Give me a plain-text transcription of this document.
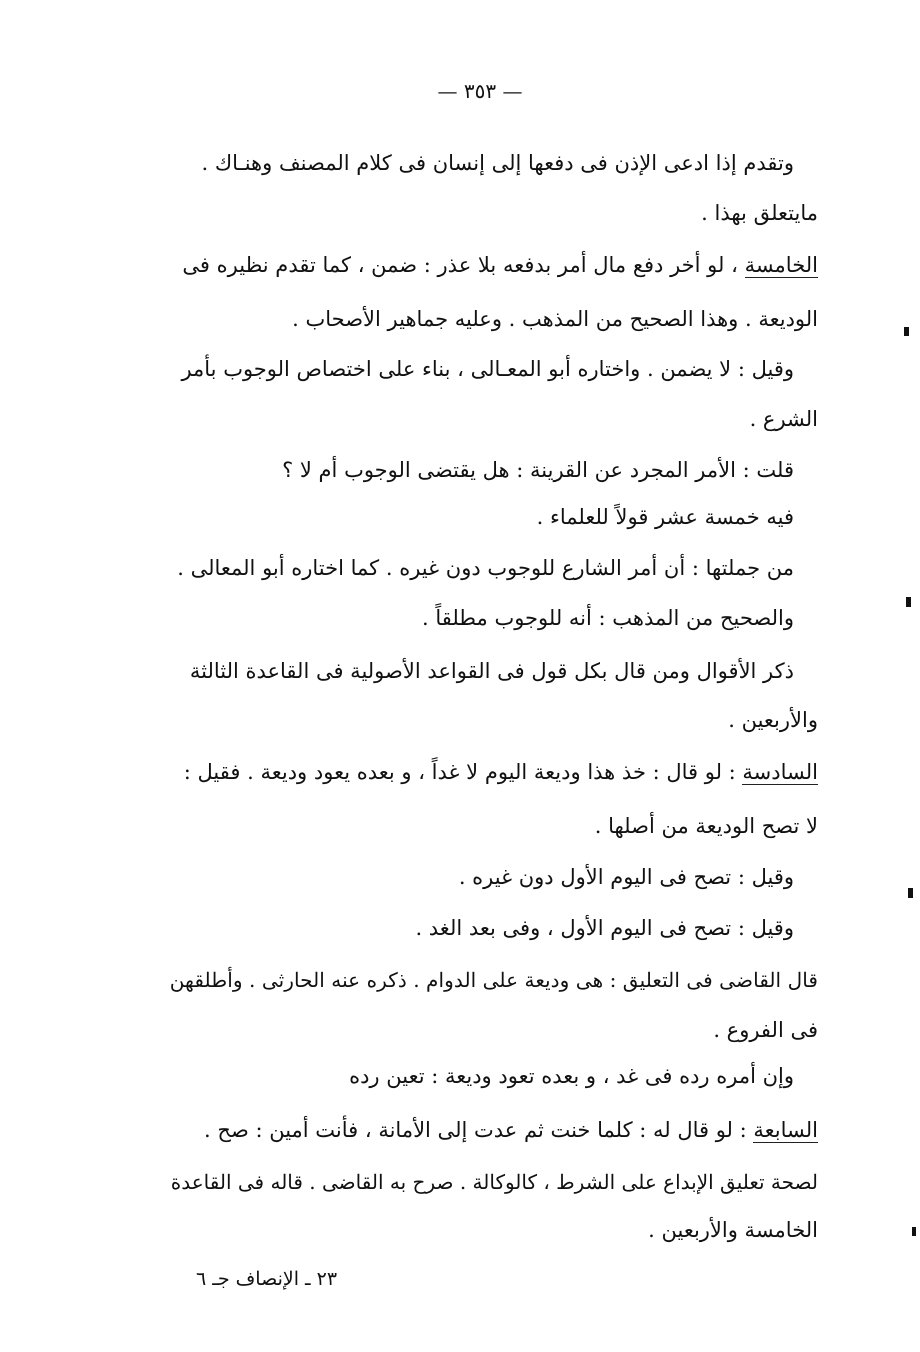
— ٣٥٣ —
وتقدم إذا ادعى الإذن فى دفعها إلى إنسان فى كلام المصنف وهنـاك .
مايتعلق بهذا .
الخامسة ، لو أخر دفع مال أمر بدفعه بلا عذر : ضمن ، كما تقدم نظيره فى
الوديعة . وهذا الصحيح من المذهب . وعليه جماهير الأصحاب .
وقيل : لا يضمن . واختاره أبو المعـالى ، بناء على اختصاص الوجوب بأمر
الشرع .
قلت : الأمر المجرد عن القرينة : هل يقتضى الوجوب أم لا ؟
فيه خمسة عشر قولاً للعلماء .
من جملتها : أن أمر الشارع للوجوب دون غيره . كما اختاره أبو المعالى .
والصحيح من المذهب : أنه للوجوب مطلقاً .
ذكر الأقوال ومن قال بكل قول فى القواعد الأصولية فى القاعدة الثالثة
والأربعين .
السادسة : لو قال : خذ هذا وديعة اليوم لا غداً ، و بعده يعود وديعة . فقيل :
لا تصح الوديعة من أصلها .
وقيل : تصح فى اليوم الأول دون غيره .
وقيل : تصح فى اليوم الأول ، وفى بعد الغد .
قال القاضى فى التعليق : هى وديعة على الدوام . ذكره عنه الحارثى . وأطلقهن
فى الفروع .
وإن أمره رده فى غد ، و بعده تعود وديعة : تعين رده
السابعة : لو قال له : كلما خنت ثم عدت إلى الأمانة ، فأنت أمين : صح .
لصحة تعليق الإبداع على الشرط ، كالوكالة . صرح به القاضى . قاله فى القاعدة
الخامسة والأربعين .
٢٣ ـ الإنصاف جـ ٦
